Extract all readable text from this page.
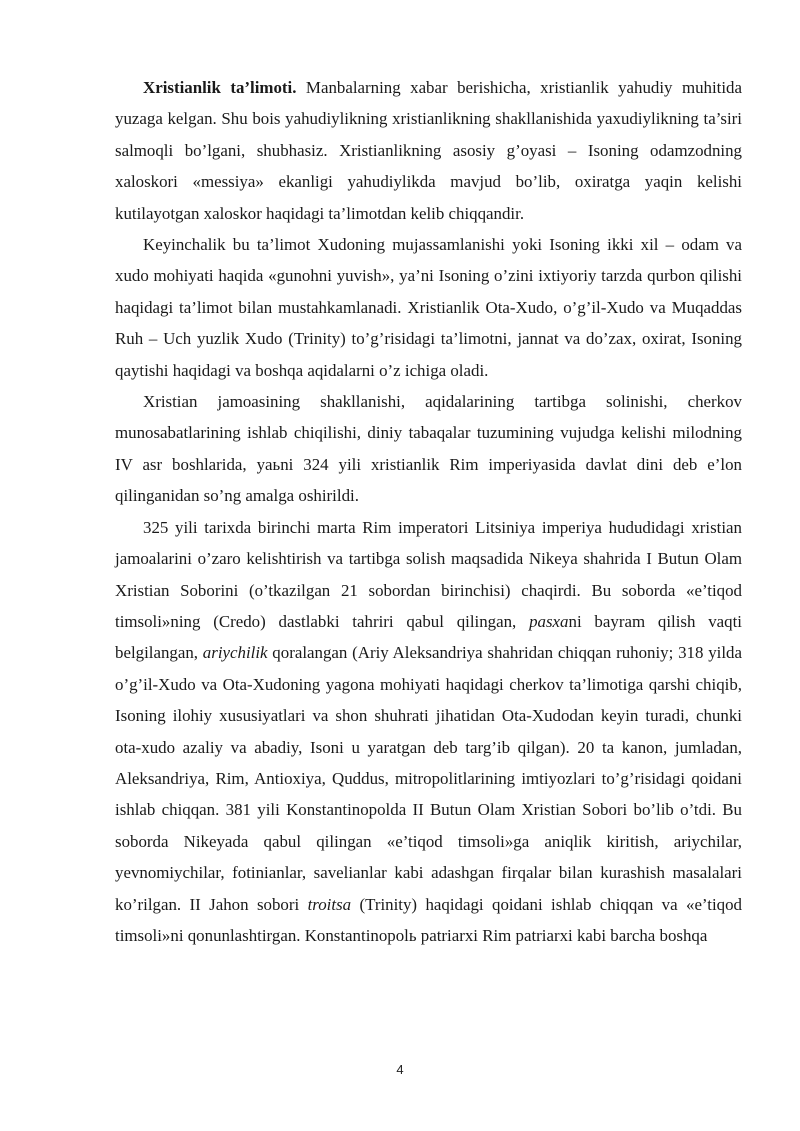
Xristianlik ta’limoti. Manbalarning xabar berishicha, xristianlik yahudiy muhitida yuzaga kelgan. Shu bois yahudiylikning xristianlikning shakllanishida yaxudiylikning ta’siri salmoqli bo’lgani, shubhasiz. Xristianlikning asosiy g’oyasi – Isoning odamzodning xaloskori «messiya» ekanligi yahudiylikda mavjud bo’lib, oxiratga yaqin kelishi kutilayotgan xaloskor haqidagi ta’limotdan kelib chiqqandir.

Keyinchalik bu ta’limot Xudoning mujassamlanishi yoki Isoning ikki xil – odam va xudo mohiyati haqida «gunohni yuvish», ya’ni Isoning o’zini ixtiyoriy tarzda qurbon qilishi haqidagi ta’limot bilan mustahkamlanadi. Xristianlik Ota-Xudo, o’g’il-Xudo va Muqaddas Ruh – Uch yuzlik Xudo (Trinity) to’g’risidagi ta’limotni, jannat va do’zax, oxirat, Isoning qaytishi haqidagi va boshqa aqidalarni o’z ichiga oladi.

Xristian jamoasining shakllanishi, aqidalarining tartibga solinishi, cherkov munosabatlarining ishlab chiqilishi, diniy tabaqalar tuzumining vujudga kelishi milodning IV asr boshlarida, yaьni 324 yili xristianlik Rim imperiyasida davlat dini deb e’lon qilinganidan so’ng amalga oshirildi.

325 yili tarixda birinchi marta Rim imperatori Litsiniya imperiya hududidagi xristian jamoalarini o’zaro kelishtirish va tartibga solish maqsadida Nikeya shahrida I Butun Olam Xristian Soborini (o’tkazilgan 21 sobordan birinchisi) chaqirdi. Bu soborda «e’tiqod timsoli»ning (Credo) dastlabki tahriri qabul qilingan, pasxani bayram qilish vaqti belgilangan, ariychilik qoralangan (Ariy Aleksandriya shahridan chiqqan ruhoniy; 318 yilda o’g’il-Xudo va Ota-Xudoning yagona mohiyati haqidagi cherkov ta’limotiga qarshi chiqib, Isoning ilohiy xususiyatlari va shon shuhrati jihatidan Ota-Xudodan keyin turadi, chunki ota-xudo azaliy va abadiy, Isoni u yaratgan deb targ’ib qilgan). 20 ta kanon, jumladan, Aleksandriya, Rim, Antioxiya, Quddus, mitropolitlarining imtiyozlari to’g’risidagi qoidani ishlab chiqqan. 381 yili Konstantinopolda II Butun Olam Xristian Sobori bo’lib o’tdi. Bu soborda Nikeyada qabul qilingan «e’tiqod timsoli»ga aniqlik kiritish, ariychilar, yevnomiychilar, fotinianlar, savelianlar kabi adashgan firqalar bilan kurashish masalalari ko’rilgan. II Jahon sobori troitsa (Trinity) haqidagi qoidani ishlab chiqqan va «e’tiqod timsoli»ni qonunlashtirgan. Konstantinopolь patriarxi Rim patriarxi kabi barcha boshqa

4
